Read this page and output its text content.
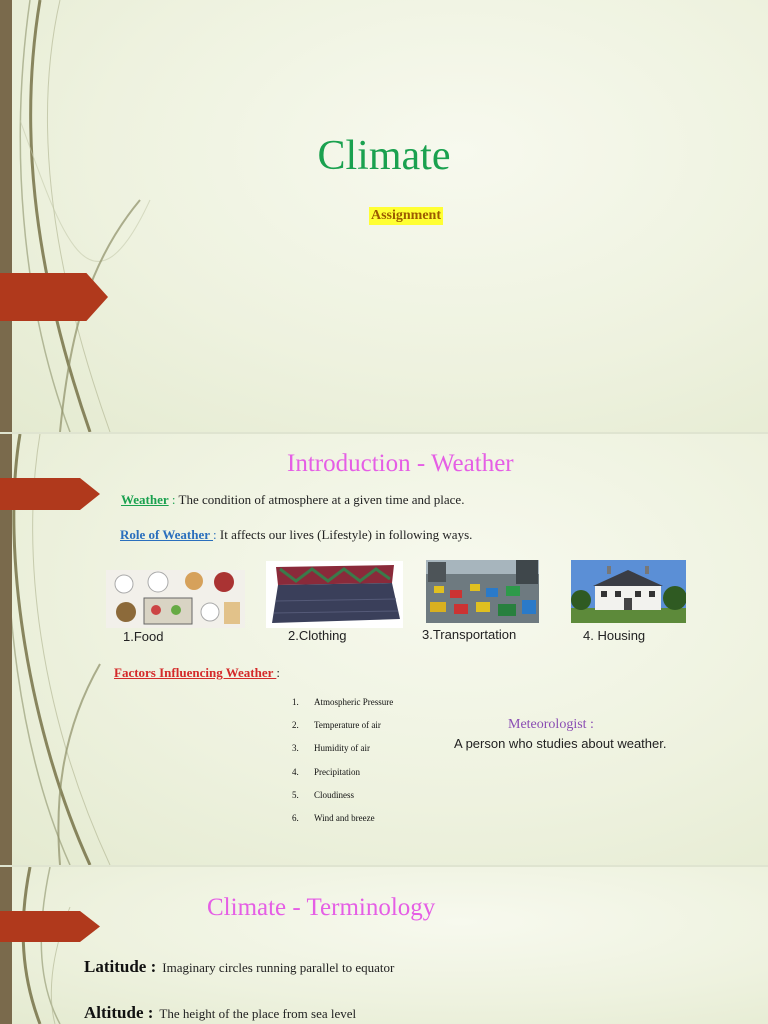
Climate
Assignment
Introduction - Weather
Weather : The condition of atmosphere at a given time and place.
Role of Weather : It affects our lives (Lifestyle) in following ways.
1.Food	2.Clothing	3.Transportation	4. Housing
Factors Influencing Weather :
1.	Atmospheric Pressure
2.	Temperature of air
3.	Humidity of air
4.	Precipitation
5.	Cloudiness
6.	Wind and breeze
Meteorologist :
A person who studies about weather.
Climate - Terminology
Latitude : Imaginary circles running parallel to equator
Altitude : The height of the place from sea level
